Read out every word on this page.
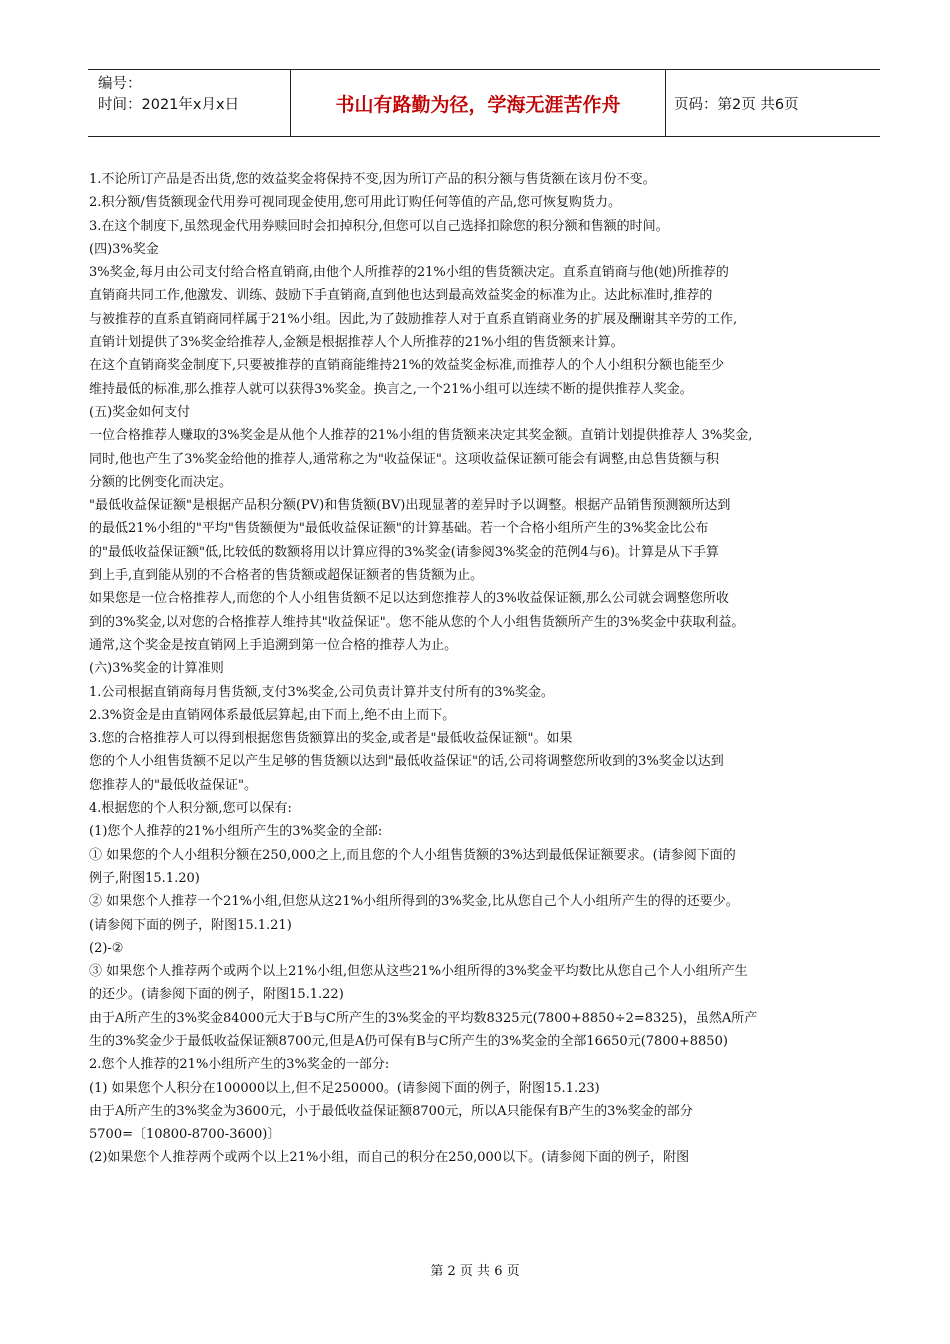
编号：
时间：2021年x月x日	书山有路勤为径，学海无涯苦作舟	页码：第2页 共6页
1.不论所订产品是否出货,您的效益奖金将保持不变,因为所订产品的积分额与售货额在该月份不变。
2.积分额/售货额现金代用券可视同现金使用,您可用此订购任何等值的产品,您可恢复购货力。
3.在这个制度下,虽然现金代用券赎回时会扣掉积分,但您可以自己选择扣除您的积分额和售额的时间。
(四)3%奖金
3%奖金,每月由公司支付给合格直销商,由他个人所推荐的21%小组的售货额决定。直系直销商与他(她)所推荐的
直销商共同工作,他激发、训练、鼓励下手直销商,直到他也达到最高效益奖金的标准为止。达此标准时,推荐的
与被推荐的直系直销商同样属于21%小组。因此,为了鼓励推荐人对于直系直销商业务的扩展及酬谢其辛劳的工作,
直销计划提供了3%奖金给推荐人,金额是根据推荐人个人所推荐的21%小组的售货额来计算。
在这个直销商奖金制度下,只要被推荐的直销商能维持21%的效益奖金标准,而推荐人的个人小组积分额也能至少
维持最低的标准,那么推荐人就可以获得3%奖金。换言之,一个21%小组可以连续不断的提供推荐人奖金。
(五)奖金如何支付
一位合格推荐人赚取的3%奖金是从他个人推荐的21%小组的售货额来决定其奖金额。直销计划提供推荐人 3%奖金,
同时,他也产生了3%奖金给他的推荐人,通常称之为"收益保证"。这项收益保证额可能会有调整,由总售货额与积
分额的比例变化而决定。
"最低收益保证额"是根据产品积分额(PV)和售货额(BV)出现显著的差异时予以调整。根据产品销售预测额所达到
的最低21%小组的"平均"售货额便为"最低收益保证额"的计算基础。若一个合格小组所产生的3%奖金比公布
的"最低收益保证额"低,比较低的数额将用以计算应得的3%奖金(请参阅3%奖金的范例4与6)。计算是从下手算
到上手,直到能从别的不合格者的售货额或超保证额者的售货额为止。
如果您是一位合格推荐人,而您的个人小组售货额不足以达到您推荐人的3%收益保证额,那么公司就会调整您所收
到的3%奖金,以对您的合格推荐人维持其"收益保证"。您不能从您的个人小组售货额所产生的3%奖金中获取利益。
通常,这个奖金是按直销网上手追溯到第一位合格的推荐人为止。
(六)3%奖金的计算准则
1.公司根据直销商每月售货额,支付3%奖金,公司负责计算并支付所有的3%奖金。
2.3%资金是由直销网体系最低层算起,由下而上,绝不由上而下。
3.您的合格推荐人可以得到根据您售货额算出的奖金,或者是"最低收益保证额"。如果
您的个人小组售货额不足以产生足够的售货额以达到"最低收益保证"的话,公司将调整您所收到的3%奖金以达到
您推荐人的"最低收益保证"。
4.根据您的个人积分额,您可以保有:
(1)您个人推荐的21%小组所产生的3%奖金的全部:
① 如果您的个人小组积分额在250,000之上,而且您的个人小组售货额的3%达到最低保证额要求。(请参阅下面的
例子,附图15.1.20)
② 如果您个人推荐一个21%小组,但您从这21%小组所得到的3%奖金,比从您自己个人小组所产生的得的还要少。
(请参阅下面的例子，附图15.1.21)
(2)-②
③ 如果您个人推荐两个或两个以上21%小组,但您从这些21%小组所得的3%奖金平均数比从您自己个人小组所产生
的还少。(请参阅下面的例子，附图15.1.22)
由于A所产生的3%奖金84000元大于B与C所产生的3%奖金的平均数8325元(7800+8850÷2=8325)，虽然A所产
生的3%奖金少于最低收益保证额8700元,但是A仍可保有B与C所产生的3%奖金的全部16650元(7800+8850)
2.您个人推荐的21%小组所产生的3%奖金的一部分:
(1) 如果您个人积分在100000以上,但不足250000。(请参阅下面的例子，附图15.1.23)
由于A所产生的3%奖金为3600元，小于最低收益保证额8700元，所以A只能保有B产生的3%奖金的部分
5700=〔10800-8700-3600)〕
(2)如果您个人推荐两个或两个以上21%小组，而自己的积分在250,000以下。(请参阅下面的例子，附图
第 2 页 共 6 页
